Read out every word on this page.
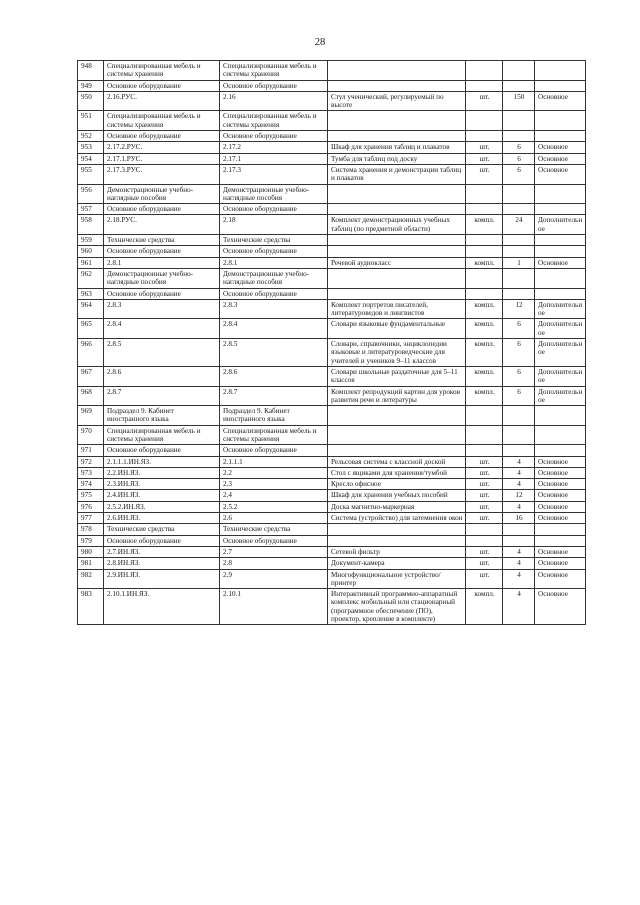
28
948	Специализированная мебель и системы хранения	Специализированная мебель и системы хранения				
949	Основное оборудование	Основное оборудование				
950	2.16.РУС.	2.16	Стул ученический, регулируемый по высоте	шт.	150	Основное
951	Специализированная мебель и системы хранения	Специализированная мебель и системы хранения				
952	Основное оборудование	Основное оборудование				
953	2.17.2.РУС.	2.17.2	Шкаф для хранения таблиц и плакатов	шт.	6	Основное
954	2.17.1.РУС.	2.17.1	Тумба для таблиц под доску	шт.	6	Основное
955	2.17.3.РУС.	2.17.3	Система хранения и демонстрации таблиц и плакатов	шт.	6	Основное
956	Демонстрационные учебно-наглядные пособия	Демонстрационные учебно-наглядные пособия				
957	Основное оборудование	Основное оборудование				
958	2.18.РУС.	2.18	Комплект демонстрационных учебных таблиц (по предметной области)	компл.	24	Дополнительное
959	Технические средства	Технические средства				
960	Основное оборудование	Основное оборудование				
961	2.8.1	2.8.1	Речевой аудиокласс	компл.	1	Основное
962	Демонстрационные учебно-наглядные пособия	Демонстрационные учебно-наглядные пособия				
963	Основное оборудование	Основное оборудование				
964	2.8.3	2.8.3	Комплект портретов писателей, литературоведов и лингвистов	компл.	12	Дополнительное
965	2.8.4	2.8.4	Словари языковые фундаментальные	компл.	6	Дополнительное
966	2.8.5	2.8.5	Словари, справочники, энциклопедии языковые и литературоведческие для учителей и учеников 9–11 классов	компл.	6	Дополнительное
967	2.8.6	2.8.6	Словари школьные раздаточные для 5–11 классов	компл.	6	Дополнительное
968	2.8.7	2.8.7	Комплект репродукций картин для уроков развития речи и литературы	компл.	6	Дополнительное
969	Подраздел 9. Кабинет иностранного языка	Подраздел 9. Кабинет иностранного языка				
970	Специализированная мебель и системы хранения	Специализированная мебель и системы хранения				
971	Основное оборудование	Основное оборудование				
972	2.1.1.1.ИН.ЯЗ.	2.1.1.1	Рельсовая система с классной доской	шт.	4	Основное
973	2.2.ИН.ЯЗ.	2.2	Стол с ящиками для хранения/тумбой	шт.	4	Основное
974	2.3.ИН.ЯЗ.	2.3	Кресло офисное	шт.	4	Основное
975	2.4.ИН.ЯЗ.	2.4	Шкаф для хранения учебных пособий	шт.	12	Основное
976	2.5.2.ИН.ЯЗ.	2.5.2	Доска магнитно-маркерная	шт.	4	Основное
977	2.6.ИН.ЯЗ.	2.6	Система (устройство) для затемнения окон	шт.	16	Основное
978	Технические средства	Технические средства				
979	Основное оборудование	Основное оборудование				
980	2.7.ИН.ЯЗ.	2.7	Сетевой фильтр	шт.	4	Основное
981	2.8.ИН.ЯЗ.	2.8	Документ-камера	шт.	4	Основное
982	2.9.ИН.ЯЗ.	2.9	Многофункциональное устройство/принтер	шт.	4	Основное
983	2.10.1.ИН.ЯЗ.	2.10.1	Интерактивный программно-аппаратный комплекс мобильный или стационарный (программное обеспечение (ПО), проектор, крепление в комплекте)	компл.	4	Основное
